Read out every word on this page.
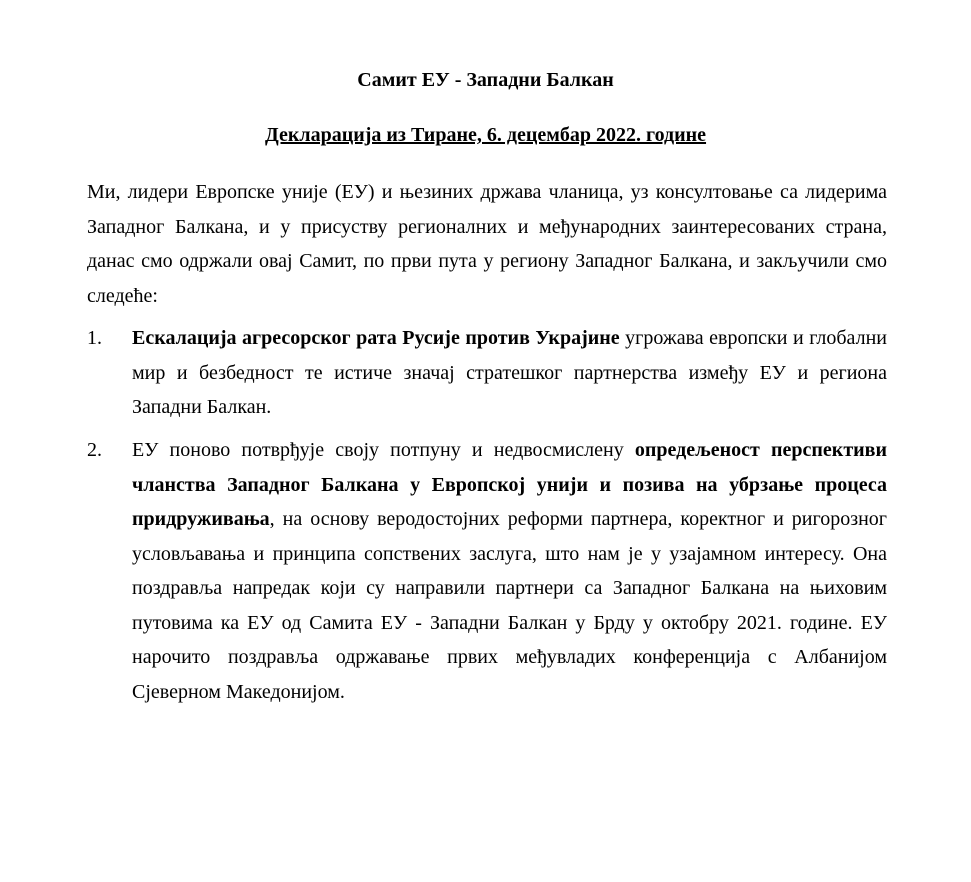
Самит ЕУ - Западни Балкан

Декларација из Тиране, 6. децембар 2022. године

Ми, лидери Европске уније (ЕУ) и њезиних држава чланица, уз консултовање са лидерима Западног Балкана, и у присуству регионалних и међународних заинтересованих страна, данас смо одржали овај Самит, по први пута у региону Западног Балкана, и закључили смо следеће:

1.	Ескалација агресорског рата Русије против Украјине угрожава европски и глобални мир и безбедност те истиче значај стратешког партнерства између ЕУ и региона Западни Балкан.
2.	ЕУ поново потврђује своју потпуну и недвосмислену опредељеност перспективи чланства Западног Балкана у Европској унији и позива на убрзање процеса придруживања, на основу веродостојних реформи партнера, коректног и ригорозног условљавања и принципа сопствених заслуга, што нам је у узајамном интересу. Она поздравља напредак који су направили партнери са Западног Балкана на њиховим путовима ка ЕУ од Самита ЕУ - Западни Балкан у Брду у октобру 2021. године. ЕУ нарочито поздравља одржавање првих међувладих конференција с Албанијом Сјеверном Македонијом.
